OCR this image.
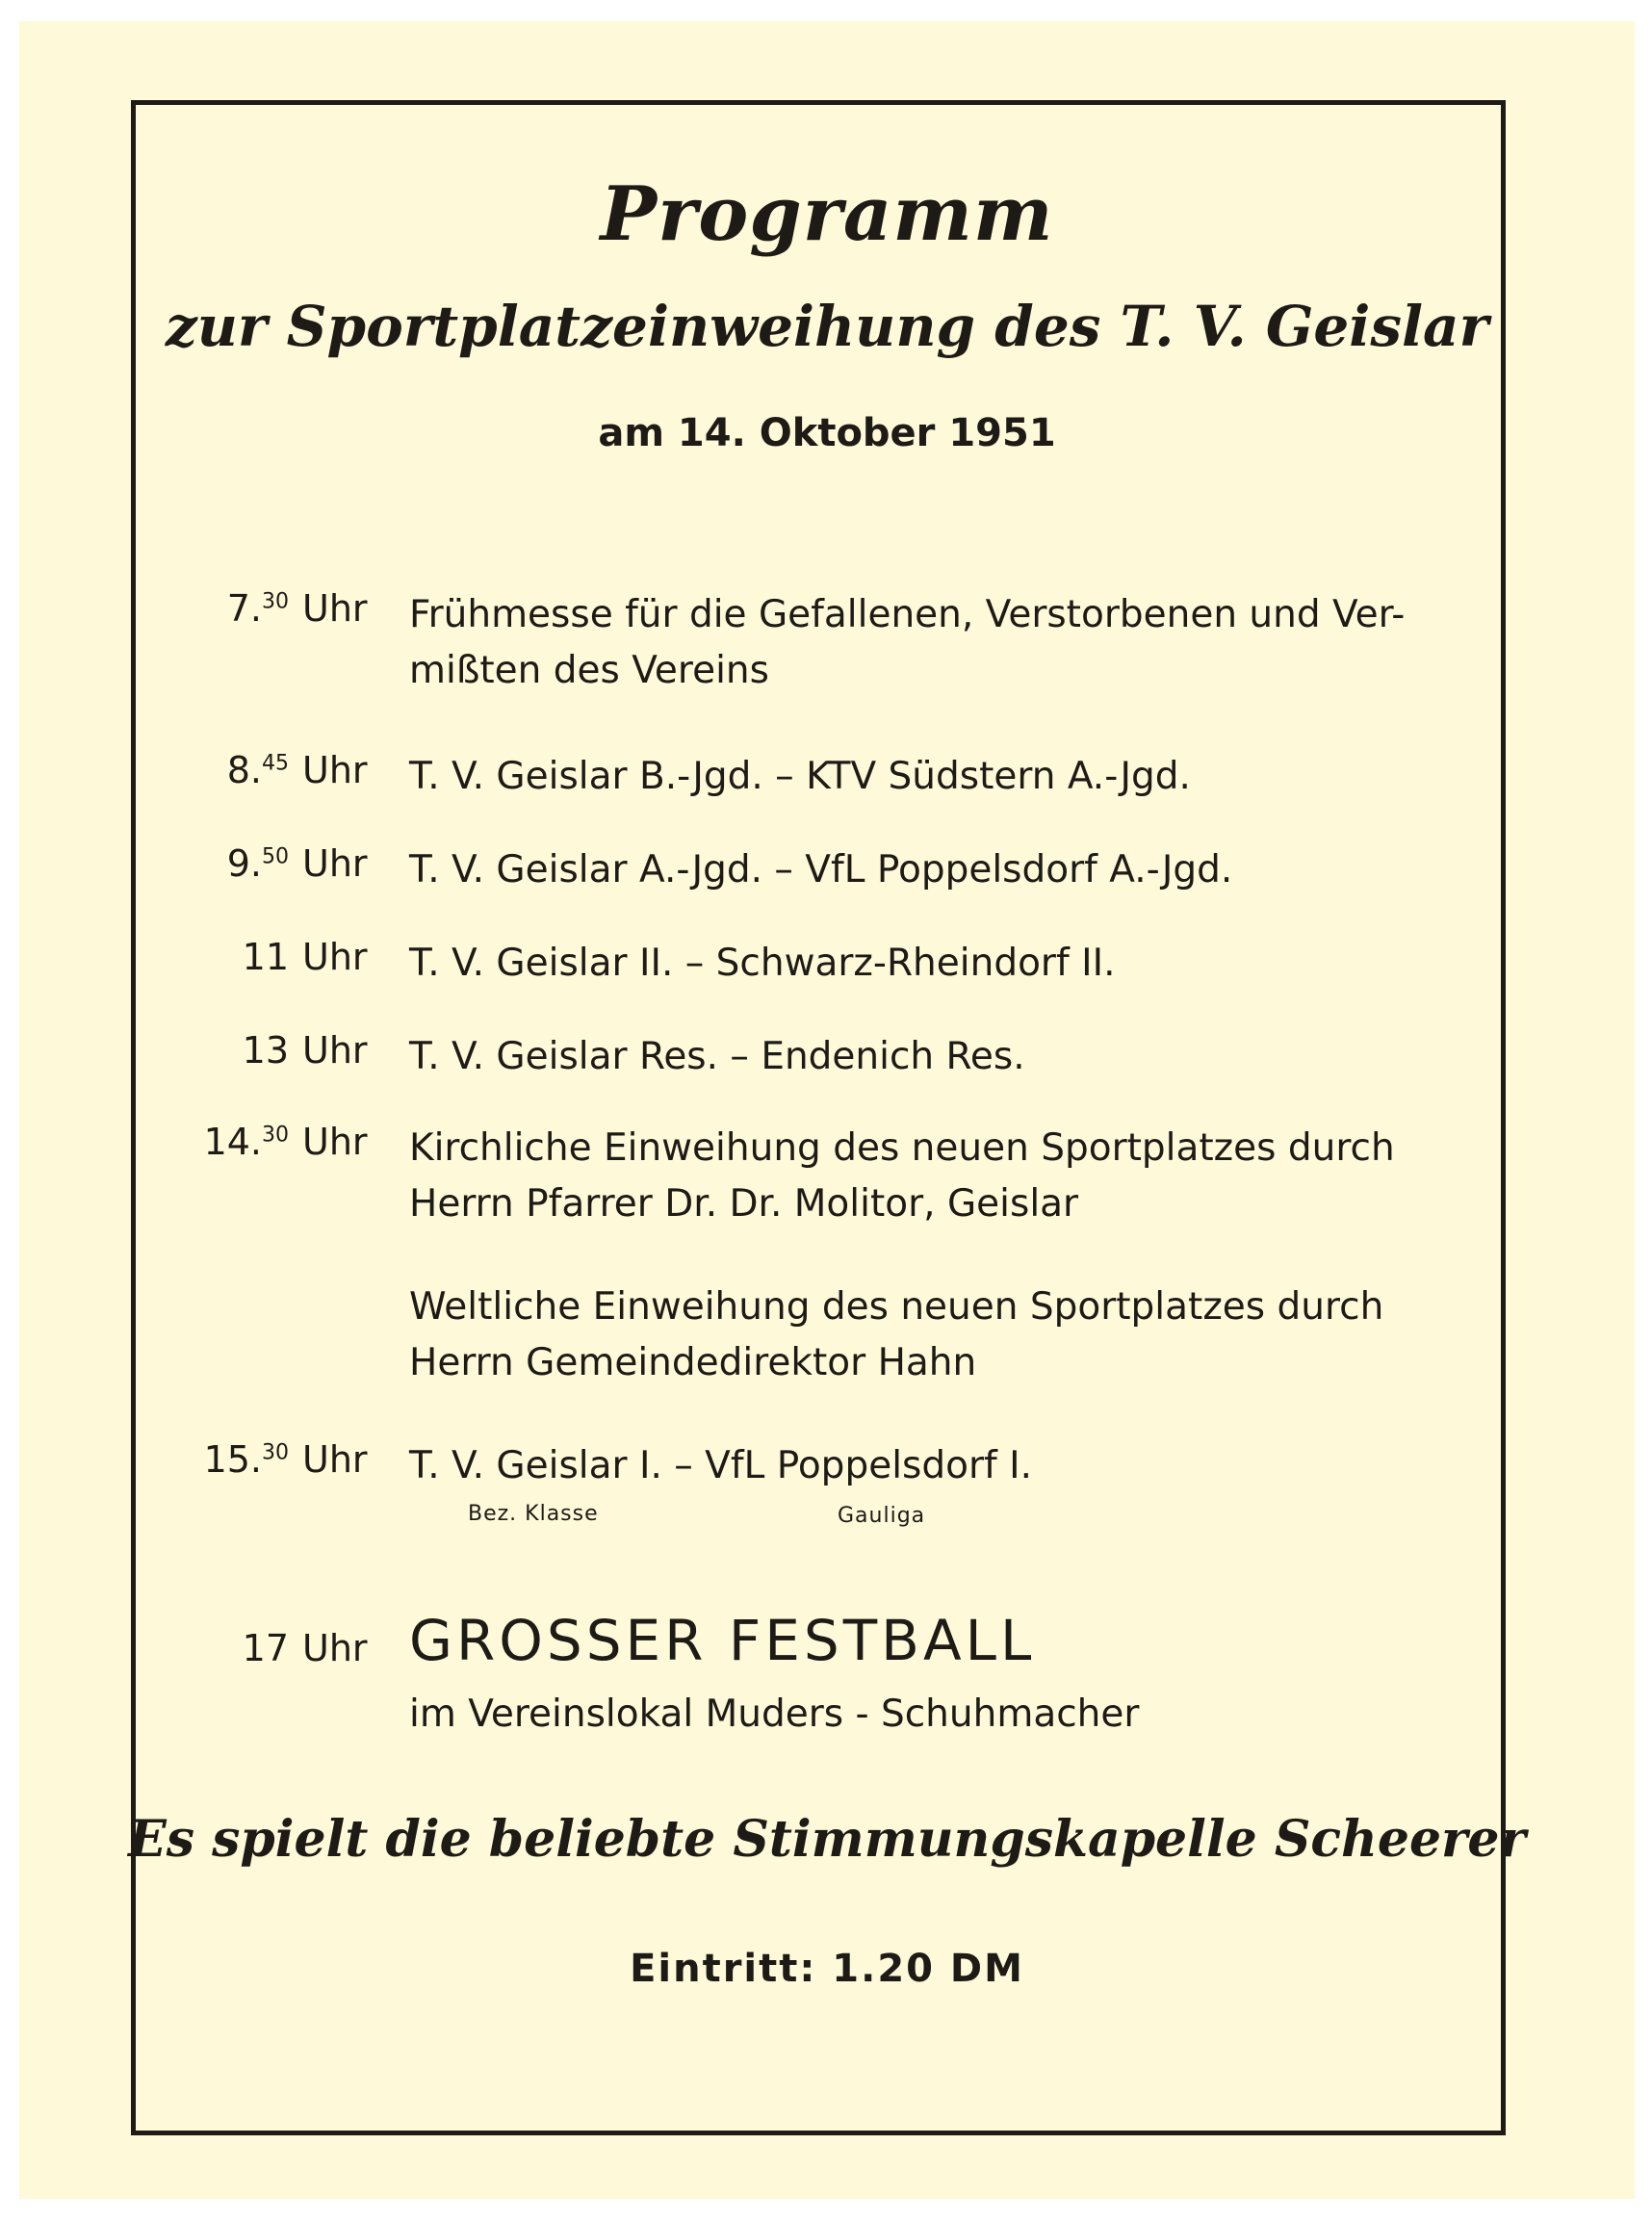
Programm
zur Sportplatzeinweihung des T. V. Geislar
am 14. Oktober 1951
7.30 Uhr	Frühmesse für die Gefallenen, Verstorbenen und Ver-
mißten des Vereins
8.45 Uhr	T. V. Geislar B.-Jgd. – KTV Südstern A.-Jgd.
9.50 Uhr	T. V. Geislar A.-Jgd. – VfL Poppelsdorf A.-Jgd.
11 Uhr	T. V. Geislar II. – Schwarz-Rheindorf II.
13 Uhr	T. V. Geislar Res. – Endenich Res.
14.30 Uhr	Kirchliche Einweihung des neuen Sportplatzes durch
Herrn Pfarrer Dr. Dr. Molitor, Geislar
Weltliche Einweihung des neuen Sportplatzes durch
Herrn Gemeindedirektor Hahn
15.30 Uhr	T. V. Geislar I. – VfL Poppelsdorf I.
Bez. Klasse	Gauliga
17 Uhr GROSSER FESTBALL
im Vereinslokal Muders - Schuhmacher
Es spielt die beliebte Stimmungskapelle Scheerer
Eintritt: 1.20 DM
